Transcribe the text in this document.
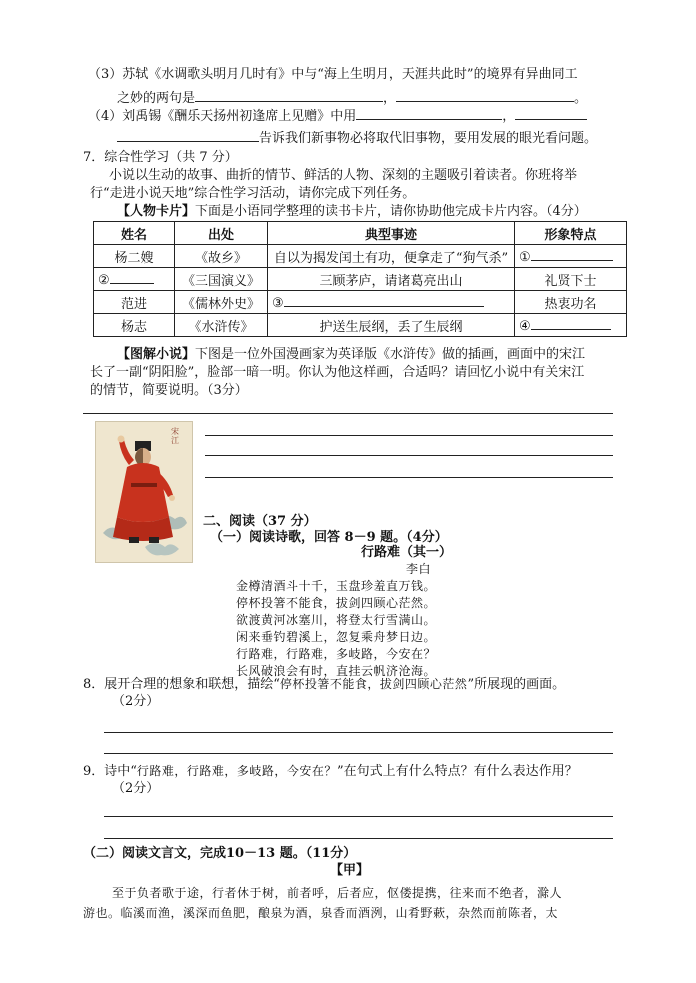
（3）苏轼《水调歌头明月几时有》中与“海上生明月，天涯共此时”的境界有异曲同工
之妙的两句是	，	。
（4）刘禹锡《酬乐天扬州初逢席上见赠》中用	，
告诉我们新事物必将取代旧事物，要用发展的眼光看问题。
7．综合性学习（共 7 分）
小说以生动的故事、曲折的情节、鲜活的人物、深刻的主题吸引着读者。你班将举
行“走进小说天地”综合性学习活动，请你完成下列任务。
【人物卡片】下面是小语同学整理的读书卡片，请你协助他完成卡片内容。（4分）
姓名	出处	典型事迹	形象特点
杨二嫂	《故乡》	自以为揭发闰土有功，便拿走了“狗气杀”	①
②	《三国演义》	三顾茅庐，请诸葛亮出山	礼贤下士
范进	《儒林外史》	③	热衷功名
杨志	《水浒传》	护送生辰纲，丢了生辰纲	④
【图解小说】下图是一位外国漫画家为英译版《水浒传》做的插画，画面中的宋江
长了一副“阴阳脸”，脸部一暗一明。你认为他这样画，合适吗？请回忆小说中有关宋江
的情节，简要说明。（3分）
宋江
二、阅读（37 分）
（一）阅读诗歌，回答 8－9 题。（4分）
行路难（其一）
李白
金樽清酒斗十千，玉盘珍羞直万钱。
停杯投箸不能食，拔剑四顾心茫然。
欲渡黄河冰塞川，将登太行雪满山。
闲来垂钓碧溪上，忽复乘舟梦日边。
行路难，行路难，多岐路，今安在？
长风破浪会有时，直挂云帆济沧海。
8．展开合理的想象和联想，描绘“停杯投箸不能食，拔剑四顾心茫然”所展现的画面。
（2分）
9．诗中“行路难，行路难，多岐路，今安在？”在句式上有什么特点？有什么表达作用？
（2分）
（二）阅读文言文，完成10－13 题。（11分）
【甲】
至于负者歌于途，行者休于树，前者呼，后者应，伛偻提携，往来而不绝者，滁人
游也。临溪而渔，溪深而鱼肥，酿泉为酒，泉香而酒洌，山肴野蔌，杂然而前陈者，太
